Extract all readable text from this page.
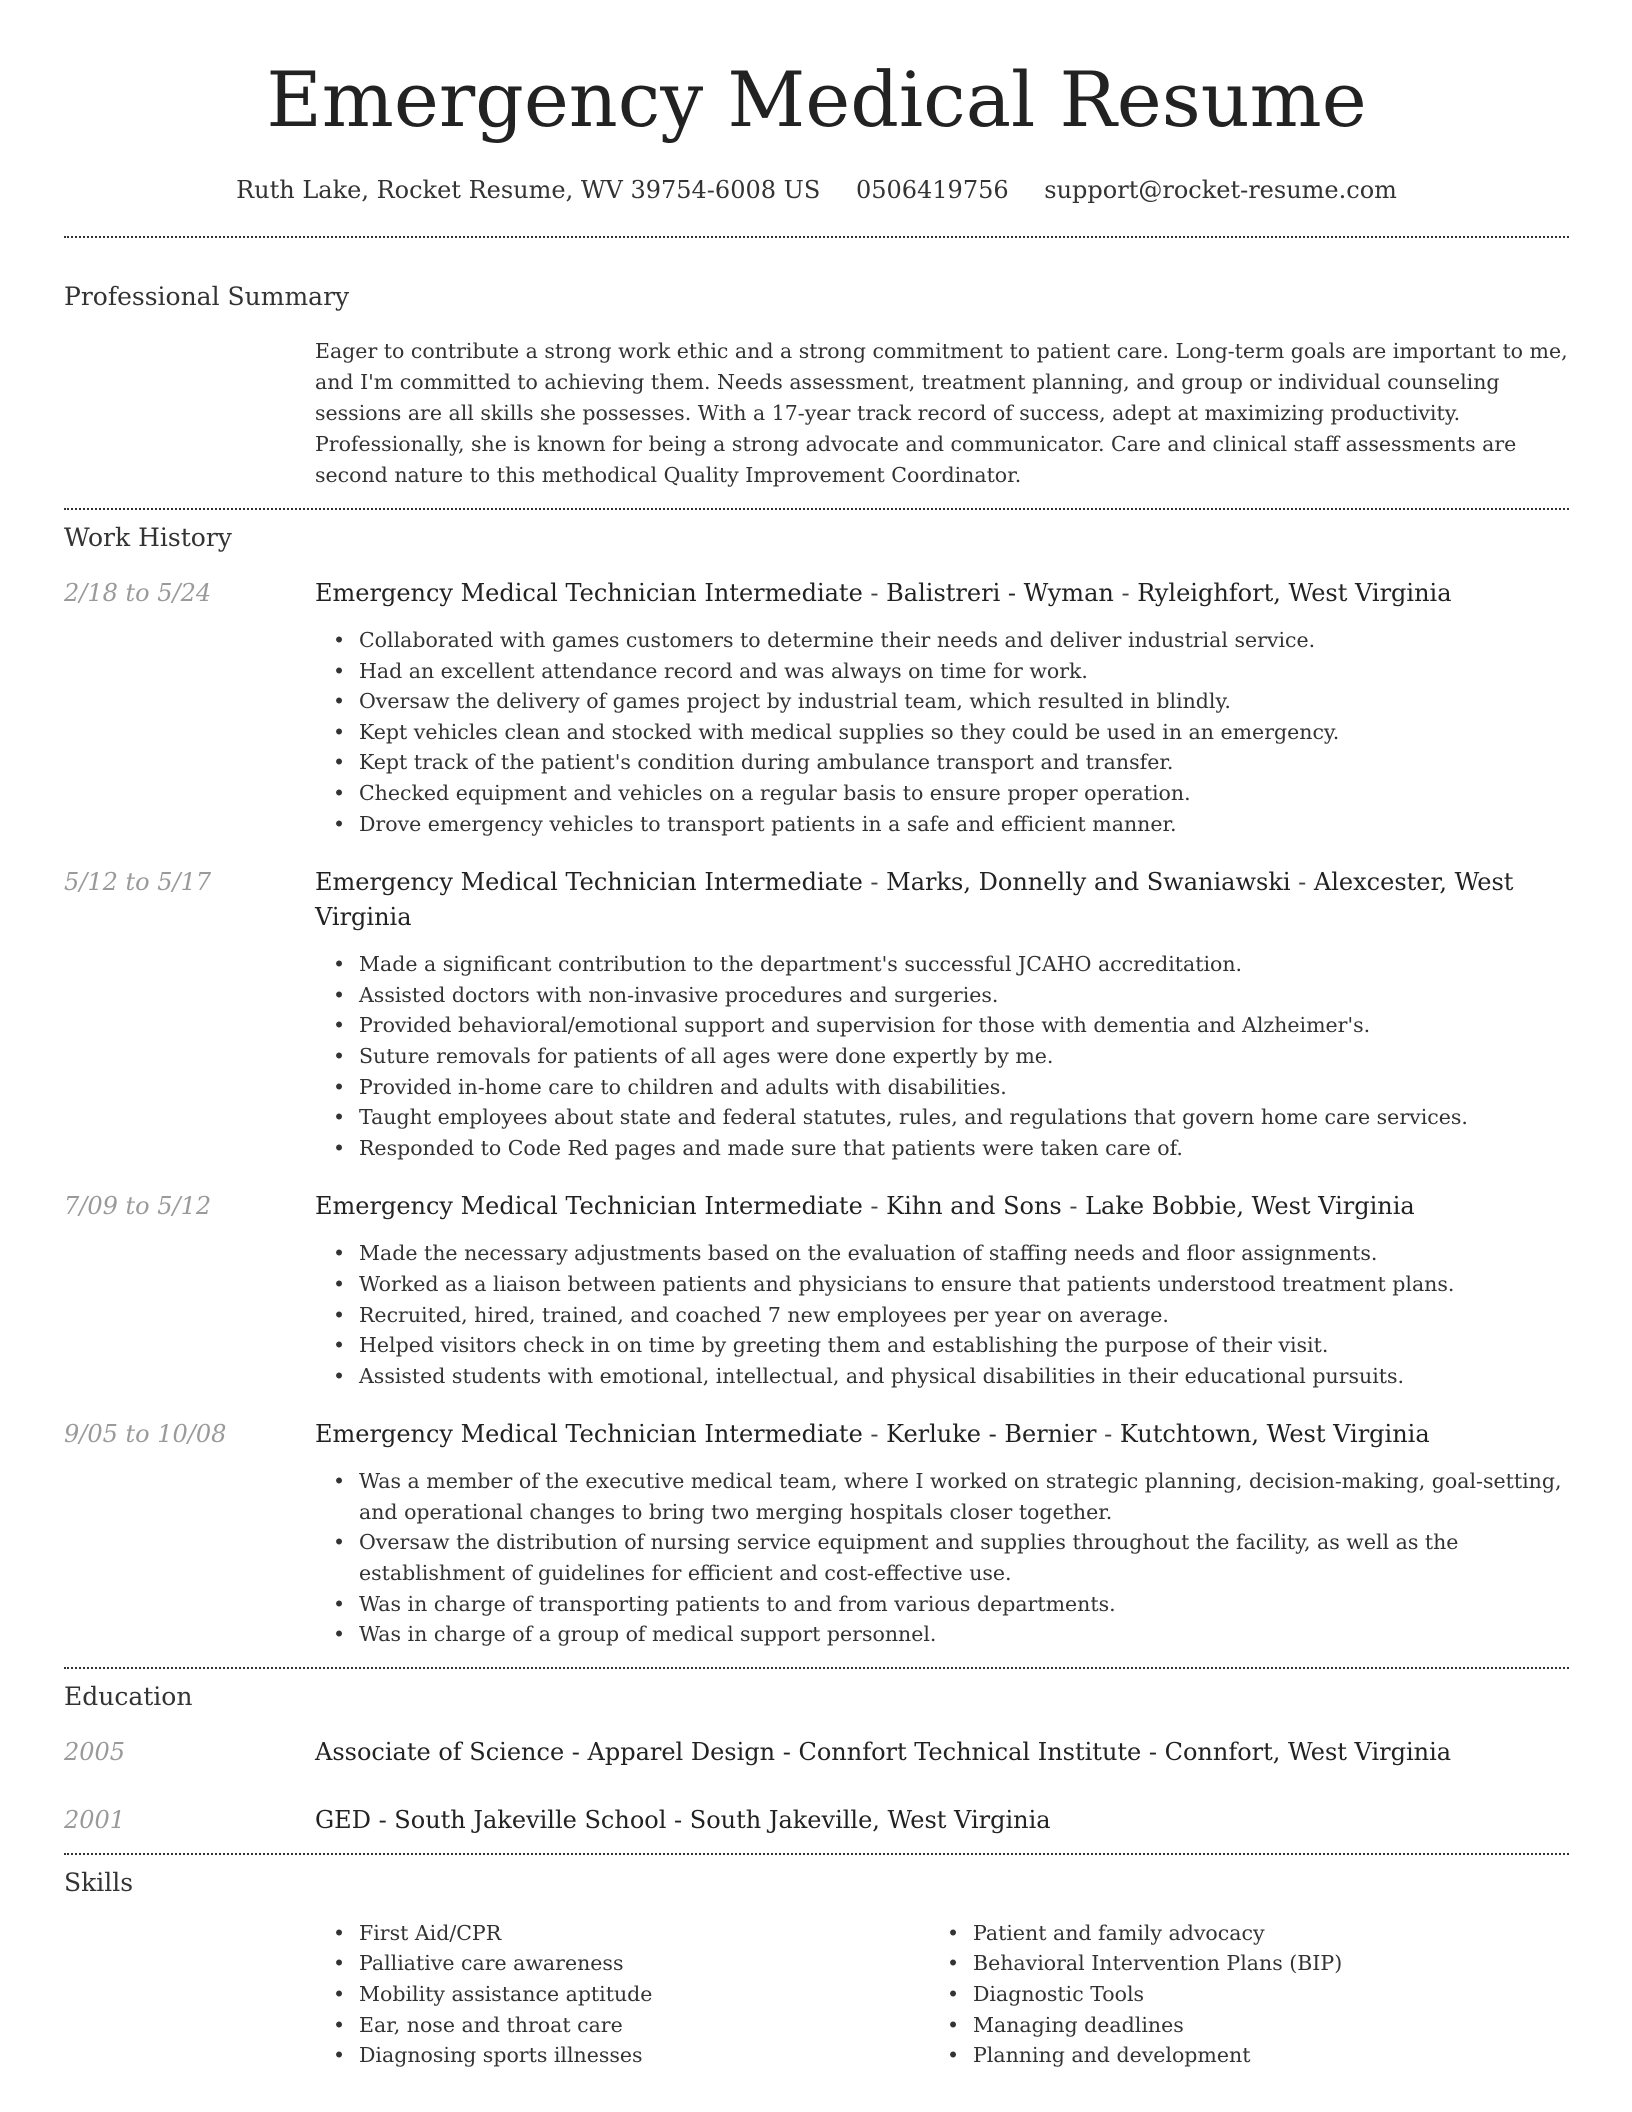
Emergency Medical Resume
Ruth Lake, Rocket Resume, WV 39754-6008 US 0506419756 support@rocket-resume.com
Professional Summary
Eager to contribute a strong work ethic and a strong commitment to patient care. Long-term goals are important to me, and I'm committed to achieving them. Needs assessment, treatment planning, and group or individual counseling sessions are all skills she possesses. With a 17-year track record of success, adept at maximizing productivity. Professionally, she is known for being a strong advocate and communicator. Care and clinical staff assessments are second nature to this methodical Quality Improvement Coordinator.
Work History
2/18 to 5/24	Emergency Medical Technician Intermediate - Balistreri - Wyman - Ryleighfort, West Virginia
• Collaborated with games customers to determine their needs and deliver industrial service.
• Had an excellent attendance record and was always on time for work.
• Oversaw the delivery of games project by industrial team, which resulted in blindly.
• Kept vehicles clean and stocked with medical supplies so they could be used in an emergency.
• Kept track of the patient's condition during ambulance transport and transfer.
• Checked equipment and vehicles on a regular basis to ensure proper operation.
• Drove emergency vehicles to transport patients in a safe and efficient manner.
5/12 to 5/17	Emergency Medical Technician Intermediate - Marks, Donnelly and Swaniawski - Alexcester, West Virginia
• Made a significant contribution to the department's successful JCAHO accreditation.
• Assisted doctors with non-invasive procedures and surgeries.
• Provided behavioral/emotional support and supervision for those with dementia and Alzheimer's.
• Suture removals for patients of all ages were done expertly by me.
• Provided in-home care to children and adults with disabilities.
• Taught employees about state and federal statutes, rules, and regulations that govern home care services.
• Responded to Code Red pages and made sure that patients were taken care of.
7/09 to 5/12	Emergency Medical Technician Intermediate - Kihn and Sons - Lake Bobbie, West Virginia
• Made the necessary adjustments based on the evaluation of staffing needs and floor assignments.
• Worked as a liaison between patients and physicians to ensure that patients understood treatment plans.
• Recruited, hired, trained, and coached 7 new employees per year on average.
• Helped visitors check in on time by greeting them and establishing the purpose of their visit.
• Assisted students with emotional, intellectual, and physical disabilities in their educational pursuits.
9/05 to 10/08	Emergency Medical Technician Intermediate - Kerluke - Bernier - Kutchtown, West Virginia
• Was a member of the executive medical team, where I worked on strategic planning, decision-making, goal-setting, and operational changes to bring two merging hospitals closer together.
• Oversaw the distribution of nursing service equipment and supplies throughout the facility, as well as the establishment of guidelines for efficient and cost-effective use.
• Was in charge of transporting patients to and from various departments.
• Was in charge of a group of medical support personnel.
Education
2005	Associate of Science - Apparel Design - Connfort Technical Institute - Connfort, West Virginia
2001	GED - South Jakeville School - South Jakeville, West Virginia
Skills
• First Aid/CPR
• Palliative care awareness
• Mobility assistance aptitude
• Ear, nose and throat care
• Diagnosing sports illnesses
• Patient and family advocacy
• Behavioral Intervention Plans (BIP)
• Diagnostic Tools
• Managing deadlines
• Planning and development
